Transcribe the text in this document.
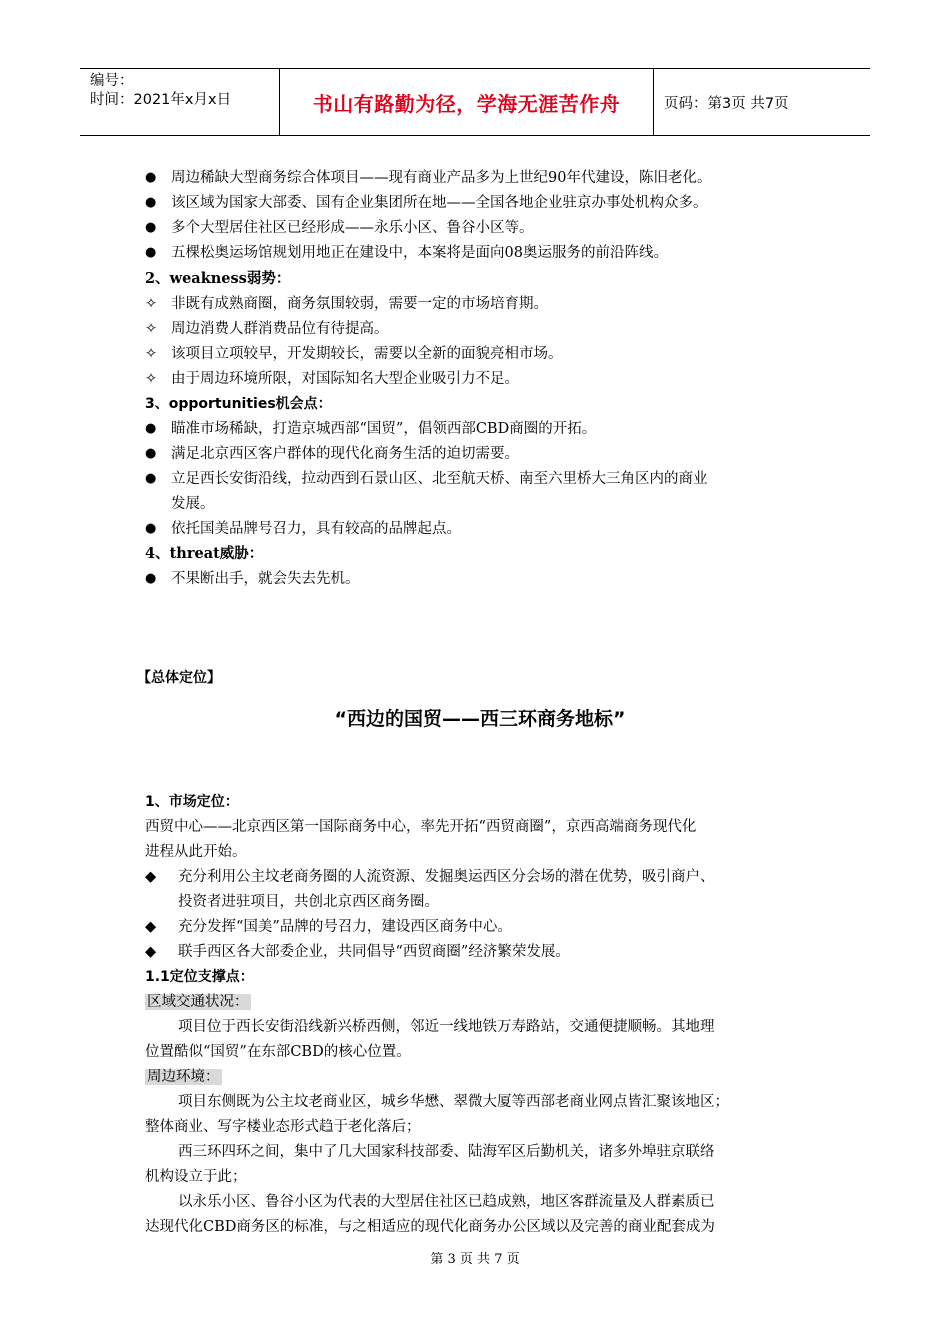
编号：
时间：2021年x月x日	书山有路勤为径，学海无涯苦作舟	页码：第3页 共7页
●	周边稀缺大型商务综合体项目——现有商业产品多为上世纪90年代建设，陈旧老化。
●	该区域为国家大部委、国有企业集团所在地——全国各地企业驻京办事处机构众多。
●	多个大型居住社区已经形成——永乐小区、鲁谷小区等。
●	五棵松奥运场馆规划用地正在建设中，本案将是面向08奥运服务的前沿阵线。
2、weakness弱势：
✧ 非既有成熟商圈，商务氛围较弱，需要一定的市场培育期。
✧ 周边消费人群消费品位有待提高。
✧ 该项目立项较早，开发期较长，需要以全新的面貌亮相市场。
✧ 由于周边环境所限，对国际知名大型企业吸引力不足。
3、opportunities机会点：
●	瞄准市场稀缺，打造京城西部“国贸”，倡领西部CBD商圈的开拓。
●	满足北京西区客户群体的现代化商务生活的迫切需要。
●	立足西长安街沿线，拉动西到石景山区、北至航天桥、南至六里桥大三角区内的商业
发展。
●	依托国美品牌号召力，具有较高的品牌起点。
4、threat威胁：
●	不果断出手，就会失去先机。
【总体定位】
“西边的国贸——西三环商务地标”
1、市场定位：
西贸中心——北京西区第一国际商务中心，率先开拓“西贸商圈”，京西高端商务现代化
进程从此开始。
◆	充分利用公主坟老商务圈的人流资源、发掘奥运西区分会场的潜在优势，吸引商户、
投资者进驻项目，共创北京西区商务圈。
◆	充分发挥“国美”品牌的号召力，建设西区商务中心。
◆	联手西区各大部委企业，共同倡导“西贸商圈”经济繁荣发展。
1.1定位支撑点：
区域交通状况：
项目位于西长安街沿线新兴桥西侧，邻近一线地铁万寿路站，交通便捷顺畅。其地理
位置酷似“国贸”在东部CBD的核心位置。
周边环境：
项目东侧既为公主坟老商业区，城乡华懋、翠微大厦等西部老商业网点皆汇聚该地区；
整体商业、写字楼业态形式趋于老化落后；
西三环四环之间，集中了几大国家科技部委、陆海军区后勤机关，诸多外埠驻京联络
机构设立于此；
以永乐小区、鲁谷小区为代表的大型居住社区已趋成熟，地区客群流量及人群素质已
达现代化CBD商务区的标准，与之相适应的现代化商务办公区域以及完善的商业配套成为
第 3 页 共 7 页
